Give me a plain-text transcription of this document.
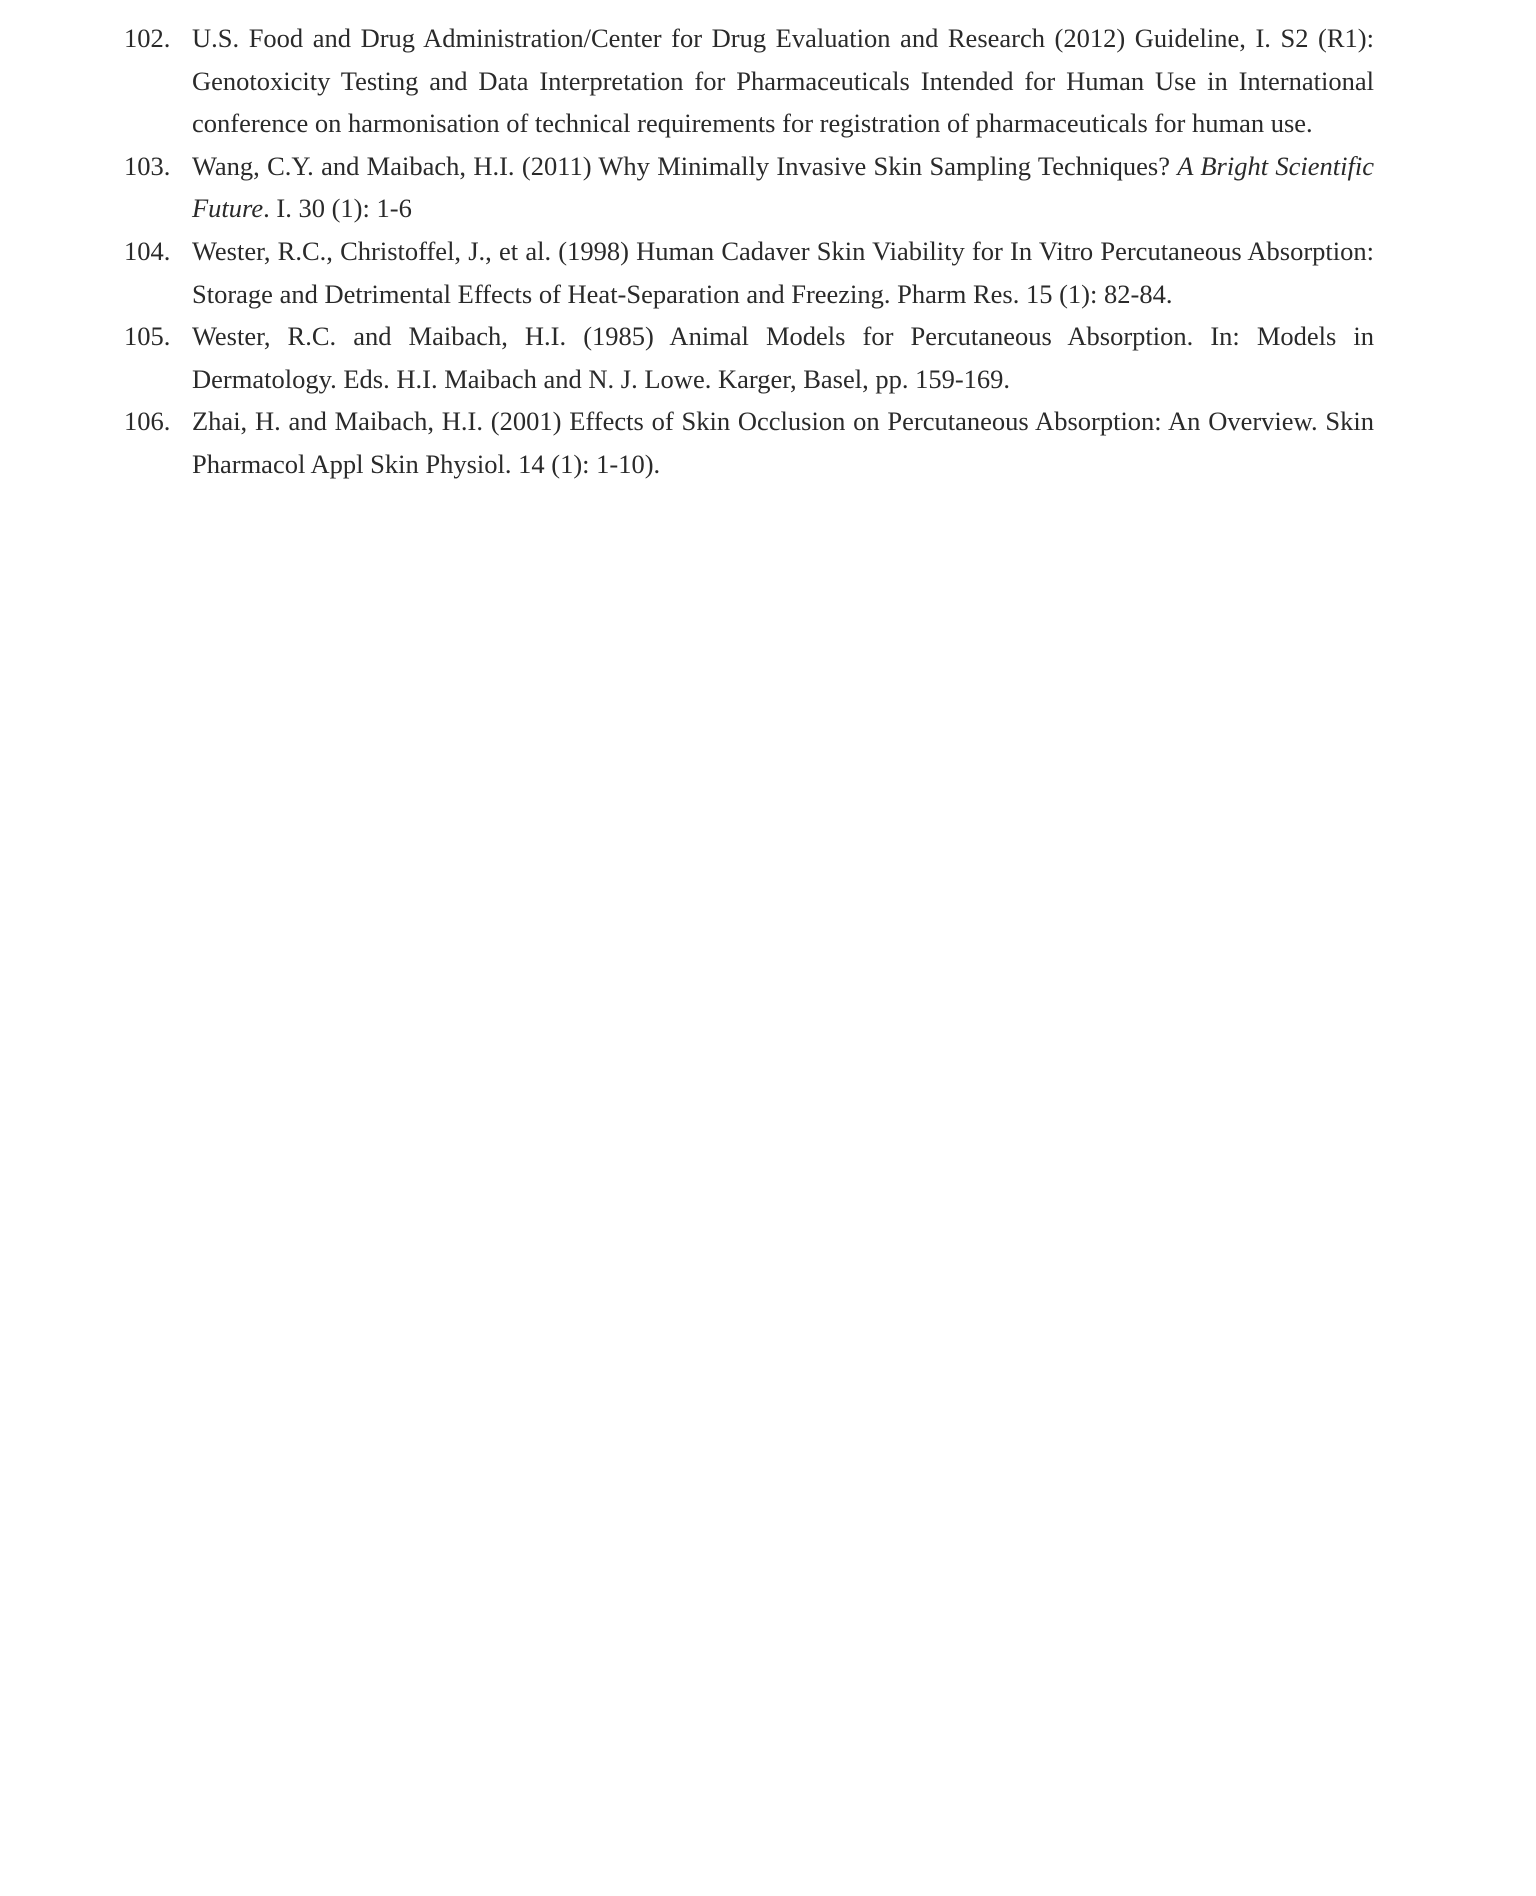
102. U.S. Food and Drug Administration/Center for Drug Evaluation and Research (2012) Guideline, I. S2 (R1): Genotoxicity Testing and Data Interpretation for Pharmaceuticals Intended for Human Use in International conference on harmonisation of technical requirements for registration of pharmaceuticals for human use.
103. Wang, C.Y. and Maibach, H.I. (2011) Why Minimally Invasive Skin Sampling Techniques? A Bright Scientific Future. I. 30 (1): 1-6
104. Wester, R.C., Christoffel, J., et al. (1998) Human Cadaver Skin Viability for In Vitro Percutaneous Absorption: Storage and Detrimental Effects of Heat-Separation and Freezing. Pharm Res. 15 (1): 82-84.
105. Wester, R.C. and Maibach, H.I. (1985) Animal Models for Percutaneous Absorption. In: Models in Dermatology. Eds. H.I. Maibach and N. J. Lowe. Karger, Basel, pp. 159-169.
106. Zhai, H. and Maibach, H.I. (2001) Effects of Skin Occlusion on Percutaneous Absorption: An Overview. Skin Pharmacol Appl Skin Physiol. 14 (1): 1-10).
